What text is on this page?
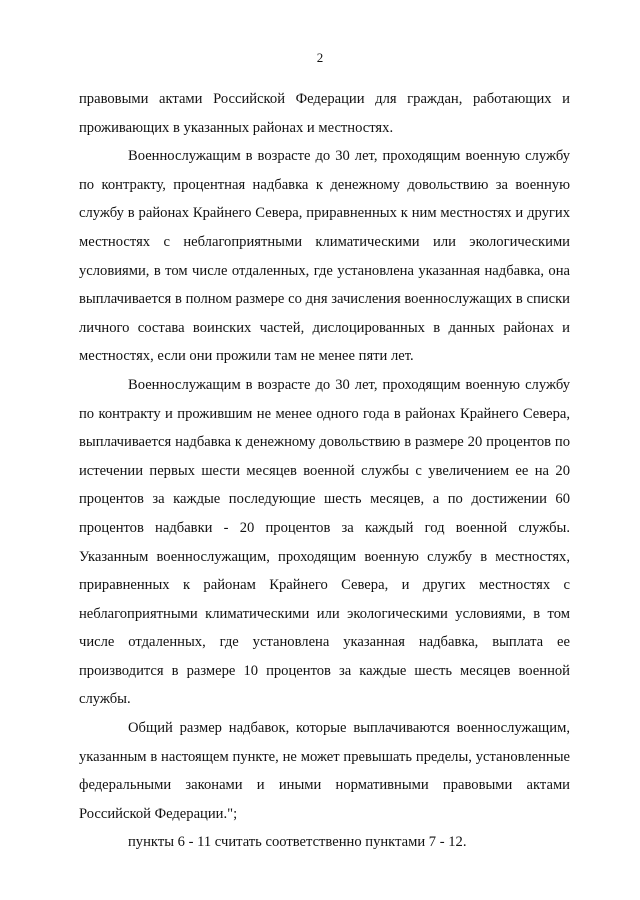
2

правовыми актами Российской Федерации для граждан, работающих и проживающих в указанных районах и местностях.

Военнослужащим в возрасте до 30 лет, проходящим военную службу по контракту, процентная надбавка к денежному довольствию за военную службу в районах Крайнего Севера, приравненных к ним местностях и других местностях с неблагоприятными климатическими или экологическими условиями, в том числе отдаленных, где установлена указанная надбавка, она выплачивается в полном размере со дня зачисления военнослужащих в списки личного состава воинских частей, дислоцированных в данных районах и местностях, если они прожили там не менее пяти лет.

Военнослужащим в возрасте до 30 лет, проходящим военную службу по контракту и прожившим не менее одного года в районах Крайнего Севера, выплачивается надбавка к денежному довольствию в размере 20 процентов по истечении первых шести месяцев военной службы с увеличением ее на 20 процентов за каждые последующие шесть месяцев, а по достижении 60 процентов надбавки - 20 процентов за каждый год военной службы. Указанным военнослужащим, проходящим военную службу в местностях, приравненных к районам Крайнего Севера, и других местностях с неблагоприятными климатическими или экологическими условиями, в том числе отдаленных, где установлена указанная надбавка, выплата ее производится в размере 10 процентов за каждые шесть месяцев военной службы.

Общий размер надбавок, которые выплачиваются военнослужащим, указанным в настоящем пункте, не может превышать пределы, установленные федеральными законами и иными нормативными правовыми актами Российской Федерации.";

пункты 6 - 11 считать соответственно пунктами 7 - 12.
